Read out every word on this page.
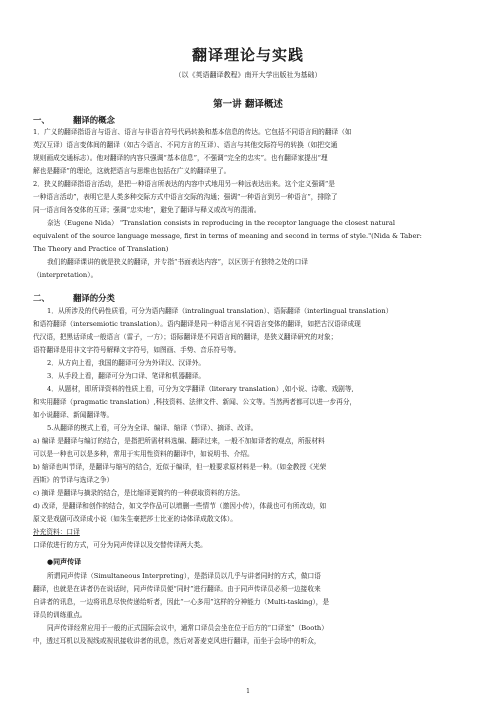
翻译理论与实践
（以《英语翻译教程》南开大学出版社为基础）
第一讲 翻译概述
一、	翻译的概念
1．广义的翻译指语言与语言、语言与非语言符号代码转换和基本信息的传达。它包括不同语言间的翻译（如
英汉互译）语言变体间的翻译（如古今语言、不同方言的互译）、语言与其他交际符号的转换（如把交通
规则画成交通标志）。他对翻译的内容只强调“基本信息”，不强调“完全的忠实”。也有翻译家提出“理
解也是翻译”的理论，这就把语言与思维也包括在广义的翻译里了。
2．狭义的翻译指语言活动，是把一种语言所表达的内容中式地用另一种远表达出来。这个定义强调“是
一种语言活动”，表明它是人类多种交际方式中语言交际的沟通；强调“一种语言到另一种语言”，排除了
同一语言间各变体的互译；强调“忠实地”，避免了翻译与释义或改写的混淆。
奈达（Eugene Nida） "Translation consists in reproducing in the receptor language the closest natural
equivalent of the source language message, first in terms of meaning and second in terms of style."(Nida & Taber:
The Theory and Practice of Translation)
我们的翻译课讲的就是狭义的翻译，并专指“书面表达内容”，以区别于有独特之处的口译
（interpretation）。
二、	翻译的分类
1．从所涉及的代码性质看，可分为语内翻译（intralingual translation）、语际翻译（interlingual translation）
和语符翻译（intersemiotic translation）。语内翻译是同一种语言见不同语言变体的翻译，如把古汉语译成现
代汉语，把黑话译成一般语言（雷子，一方）；语际翻译是不同语言间的翻译，是狭义翻译研究的对象；
语符翻译是用非文字符号解释文字符号，如图画、手势、音乐符号等。
2．从方向上看，我国的翻译可分为外译汉、汉译外。
3．从手段上看，翻译可分为口译、笔译和机器翻译。
4．从题材，即所译资料的性质上看，可分为文学翻译（literary translation）,如小说、诗歌、戏剧等,
和实用翻译（pragmatic translation）,科技资料、法律文件、新闻、公文等。当然两者都可以进一步再分，
如小说翻译、新闻翻译等。
5.从翻译的模式上看，可分为全译、编译、缩译（节译）、摘译、改译。
a) 编译 是翻译与编订的结合，是指把所需材料选编、翻译过来，一般不加如译者的观点，所报材料
可以是一种也可以是多种，常用于实用性资料的翻译中，如说明书、介绍。
b) 缩译也叫节译，是翻译与缩写的结合，近似于编译，但一般要求原材料是一种。（如金教授《光荣
西斯》的节译与选译之争）
c) 摘译 是翻译与摘录的结合，是比缩译更简约的一种获取资料的方法。
d) 改译，是翻译和创作的结合，如文学作品可以增删一些情节（邀因小传），体裁也可有所改动，如
原文是戏剧可改译成小说（如朱生豪把莎士比亚的诗体译成散文体）。
补充资料：口译
口译依进行的方式，可分为同声传译以及交替传译两大类。
●同声传译
所谓同声传译（Simultaneous Interpreting），是指译员以几乎与讲者同时的方式，做口语
翻译，也就是在讲者仍在说话时，同声传译员便“同时”进行翻译。由于同声传译员必须一边接收来
自讲者的讯息，一边将讯息尽快传递给听者，因此“一心多用”这样的分神能力（Multi-tasking），是
译员的训练重点。
同声传译经常应用于一般的正式国际会议中，通常口译员会坐在位于后方的“口译室”（Booth）
中，透过耳机以及视线或视讯接收讲者的讯息，然后对著麦克风进行翻译，而坐于会场中的听众，
1
